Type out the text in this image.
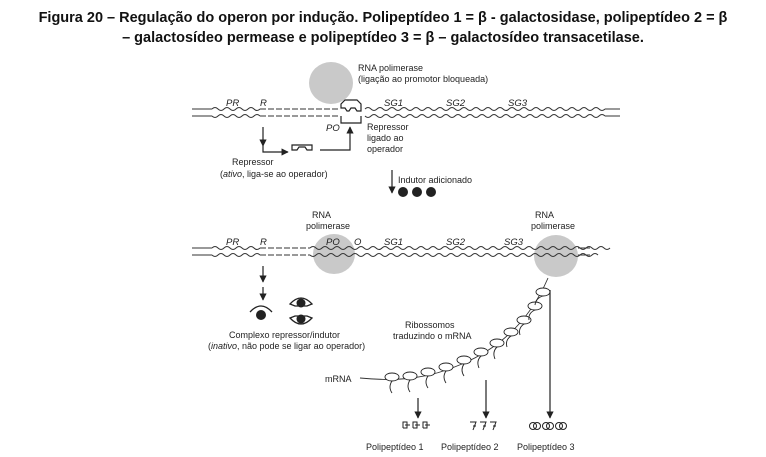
Figura 20 – Regulação do operon por indução. Polipeptídeo 1 = β - galactosidase, polipeptídeo 2 = β
– galactosídeo permease e polipeptídeo 3 = β – galactosídeo transacetilase.
RNA polimerase
(ligação ao promotor bloqueada)
PR R	SG1	SG2	SG3
PO	Repressor
ligado ao
operador
Repressor
(ativo, liga-se ao operador)
Indutor adicionado
RNA
polimerase
RNA
polimerase
PR R	PO O SG1	SG2	SG3
Complexo repressor/indutor
(inativo, não pode se ligar ao operador)
Ribossomos
traduzindo o mRNA
mRNA
Polipeptídeo 1 Polipeptídeo 2 Polipeptídeo 3
